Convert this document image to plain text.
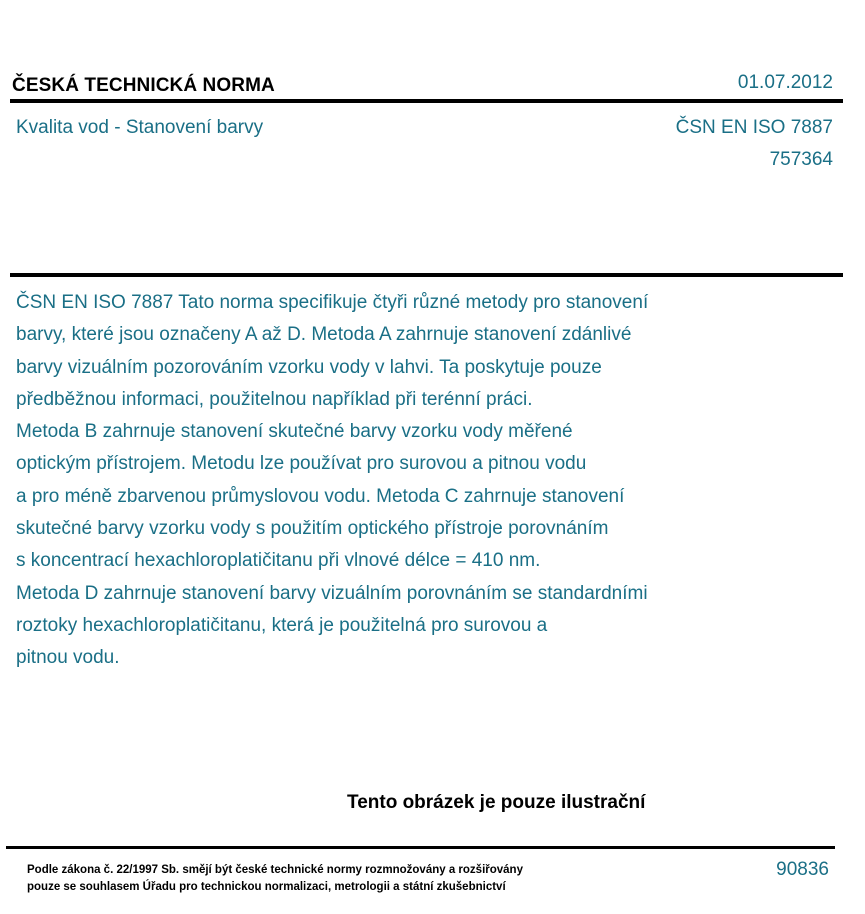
ČESKÁ TECHNICKÁ NORMA	01.07.2012
Kvalita vod - Stanovení barvy	ČSN EN ISO 7887
757364
ČSN EN ISO 7887 Tato norma specifikuje čtyři různé metody pro stanovení
barvy, které jsou označeny A až D. Metoda A zahrnuje stanovení zdánlivé
barvy vizuálním pozorováním vzorku vody v lahvi. Ta poskytuje pouze
předběžnou informaci, použitelnou například při terénní práci.
Metoda B zahrnuje stanovení skutečné barvy vzorku vody měřené
optickým přístrojem. Metodu lze používat pro surovou a pitnou vodu
a pro méně zbarvenou průmyslovou vodu. Metoda C zahrnuje stanovení
skutečné barvy vzorku vody s použitím optického přístroje porovnáním
s koncentrací hexachloroplatičitanu při vlnové délce = 410 nm.
Metoda D zahrnuje stanovení barvy vizuálním porovnáním se standardními
roztoky hexachloroplatičitanu, která je použitelná pro surovou a
pitnou vodu.
Tento obrázek je pouze ilustrační
Podle zákona č. 22/1997 Sb. smějí být české technické normy rozmnožovány a rozšiřovány
pouze se souhlasem Úřadu pro technickou normalizaci, metrologii a státní zkušebnictví
90836
